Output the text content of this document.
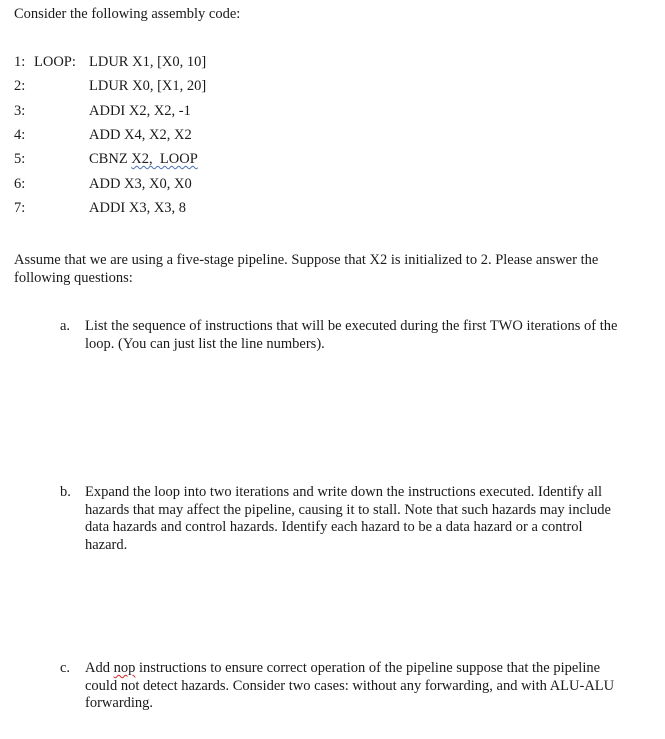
Consider the following assembly code:
1: LOOP: LDUR X1, [X0, 10]
2:	LDUR X0, [X1, 20]
3:	ADDI X2, X2, -1
4:	ADD X4, X2, X2
5:	CBNZ X2,  LOOP
6:	ADD X3, X0, X0
7:	ADDI X3, X3, 8
Assume that we are using a five-stage pipeline. Suppose that X2 is initialized to 2. Please answer the following questions:
a. List the sequence of instructions that will be executed during the first TWO iterations of the loop. (You can just list the line numbers).
b. Expand the loop into two iterations and write down the instructions executed. Identify all hazards that may affect the pipeline, causing it to stall. Note that such hazards may include data hazards and control hazards. Identify each hazard to be a data hazard or a control hazard.
c. Add nop instructions to ensure correct operation of the pipeline suppose that the pipeline could not detect hazards. Consider two cases: without any forwarding, and with ALU-ALU forwarding.
